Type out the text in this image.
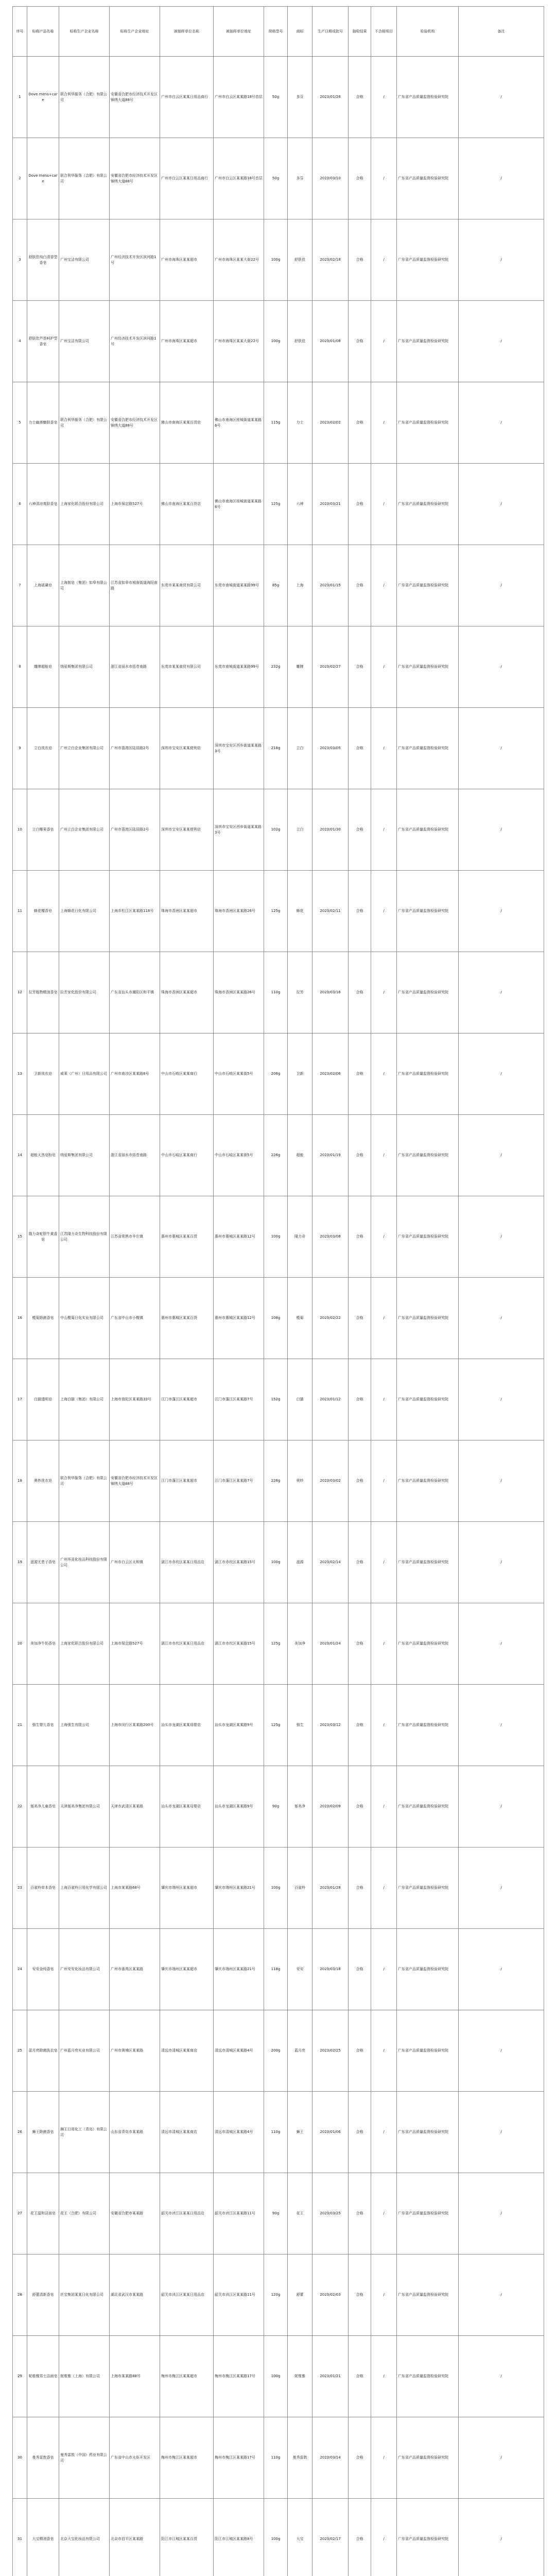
序号	标称产品名称	标称生产企业名称	标称生产企业地址	被抽样单位名称	被抽样单位地址	规格型号	商标	生产日期或批号	抽检结果	不合格项目	检验机构	备注
1	Dove mens+care	联合利华服务（合肥）有限公司	安徽省合肥市经济技术开发区锦绣大道88号	广州市白云区某某日用品商行	广州市白云区某某路18号首层	50g	多芬	2023/01/26	合格	/	广东省产品质量监督检验研究院	/
2	Dove mens+care	联合利华服务（合肥）有限公司	安徽省合肥市经济技术开发区锦绣大道88号	广州市白云区某某日用品商行	广州市白云区某某路18号首层	50g	多芬	2023/03/10	合格	/	广东省产品质量监督检验研究院	/
3	舒肤佳纯白清香型香皂	广州宝洁有限公司	广州经济技术开发区滨河路1号	广州市海珠区某某超市	广州市海珠区某某大街22号	100g	舒肤佳	2023/02/18	合格	/	广东省产品质量监督检验研究院	/
4	舒肤佳芦荟呵护型香皂	广州宝洁有限公司	广州经济技术开发区滨河路1号	广州市海珠区某某超市	广州市海珠区某某大街22号	100g	舒肤佳	2023/01/08	合格	/	广东省产品质量监督检验研究院	/
5	力士幽莲魅肤香皂	联合利华服务（合肥）有限公司	安徽省合肥市经济技术开发区锦绣大道88号	佛山市南海区某某百货店	佛山市南海区桂城街道某某路6号	115g	力士	2023/02/02	合格	/	广东省产品质量监督检验研究院	/
6	六神清凉爽肤香皂	上海家化联合股份有限公司	上海市保定路527号	佛山市南海区某某百货店	佛山市南海区桂城街道某某路6号	125g	六神	2023/03/21	合格	/	广东省产品质量监督检验研究院	/
7	上海硫磺皂	上海制皂（集团）如皋有限公司	江苏省如皋市城南街道海阳南路	东莞市某某商贸有限公司	东莞市南城街道某某路99号	85g	上海	2023/01/15	合格	/	广东省产品质量监督检验研究院	/
8	雕牌超能皂	纳爱斯集团有限公司	浙江省丽水市括苍南路	东莞市某某商贸有限公司	东莞市南城街道某某路99号	232g	雕牌	2023/02/27	合格	/	广东省产品质量监督检验研究院	/
9	立白洗衣皂	广州立白企业集团有限公司	广州市荔湾区陆居路2号	深圳市宝安区某某便利店	深圳市宝安区西乡街道某某路3号	218g	立白	2023/03/05	合格	/	广东省产品质量监督检验研究院	/
10	立白椰果香皂	广州立白企业集团有限公司	广州市荔湾区陆居路2号	深圳市宝安区某某便利店	深圳市宝安区西乡街道某某路3号	102g	立白	2023/01/30	合格	/	广东省产品质量监督检验研究院	/
11	蜂花檀香皂	上海蜂花日化有限公司	上海市松江区某某路118号	珠海市香洲区某某超市	珠海市香洲区某某路26号	125g	蜂花	2023/02/11	合格	/	广东省产品质量监督检验研究院	/
12	拉芳植物精油香皂	拉芳家化股份有限公司	广东省汕头市潮阳区和平镇	珠海市香洲区某某超市	珠海市香洲区某某路26号	110g	拉芳	2023/03/16	合格	/	广东省产品质量监督检验研究院	/
13	卫新洗衣皂	威莱（广州）日用品有限公司	广州市南沙区某某路8号	中山市石岐区某某商行	中山市石岐区某某街5号	206g	卫新	2023/02/06	合格	/	广东省产品质量监督检验研究院	/
14	超能天然皂粉皂	纳爱斯集团有限公司	浙江省丽水市括苍南路	中山市石岐区某某商行	中山市石岐区某某街5号	226g	超能	2023/01/19	合格	/	广东省产品质量监督检验研究院	/
15	隆力奇蛇胆牛黄香皂	江苏隆力奇生物科技股份有限公司	江苏省常熟市辛庄镇	惠州市惠城区某某百货	惠州市惠城区某某路12号	100g	隆力奇	2023/03/08	合格	/	广东省产品质量监督检验研究院	/
16	榄菊除菌香皂	中山榄菊日化实业有限公司	广东省中山市小榄镇	惠州市惠城区某某百货	惠州市惠城区某某路12号	108g	榄菊	2023/02/22	合格	/	广东省产品质量监督检验研究院	/
17	白猫透明皂	上海白猫（集团）有限公司	上海市普陀区某某路33号	江门市蓬江区某某超市	江门市蓬江区某某路7号	152g	白猫	2023/01/12	合格	/	广东省产品质量监督检验研究院	/
18	奥妙洗衣皂	联合利华服务（合肥）有限公司	安徽省合肥市经济技术开发区锦绣大道88号	江门市蓬江区某某超市	江门市蓬江区某某路7号	226g	奥妙	2023/03/02	合格	/	广东省产品质量监督检验研究院	/
19	滋源无患子香皂	广州环亚化妆品科技股份有限公司	广州市白云区太和镇	湛江市赤坎区某某日用品店	湛江市赤坎区某某路15号	100g	滋源	2023/02/14	合格	/	广东省产品质量监督检验研究院	/
20	美加净牛奶香皂	上海家化联合股份有限公司	上海市保定路527号	湛江市赤坎区某某日用品店	湛江市赤坎区某某路15号	125g	美加净	2023/01/24	合格	/	广东省产品质量监督检验研究院	/
21	强生婴儿香皂	上海强生有限公司	上海市闵行区某某路200号	汕头市龙湖区某某母婴店	汕头市龙湖区某某路9号	125g	强生	2023/03/12	合格	/	广东省产品质量监督检验研究院	/
22	郁美净儿童香皂	天津郁美净集团有限公司	天津市武清区某某路	汕头市龙湖区某某母婴店	汕头市龙湖区某某路9号	90g	郁美净	2023/02/09	合格	/	广东省产品质量监督检验研究院	/
23	百雀羚草本香皂	上海百雀羚日用化学有限公司	上海市某某路68号	肇庆市端州区某某超市	肇庆市端州区某某路21号	100g	百雀羚	2023/01/28	合格	/	广东省产品质量监督检验研究院	/
24	安安金纯香皂	广州安安化妆品有限公司	广州市番禺区某某路	肇庆市端州区某某超市	肇庆市端州区某某路21号	118g	安安	2023/03/18	合格	/	广东省产品质量监督检验研究院	/
25	蓝月亮除菌洗衣皂	广州蓝月亮实业有限公司	广州市黄埔区某某路	清远市清城区某某商店	清远市清城区某某路4号	200g	蓝月亮	2023/02/25	合格	/	广东省产品质量监督检验研究院	/
26	狮王除菌香皂	狮王日用化工（青岛）有限公司	山东省青岛市某某路	清远市清城区某某商店	清远市清城区某某路4号	110g	狮王	2023/01/06	合格	/	广东省产品质量监督检验研究院	/
27	花王温和洁面皂	花王（合肥）有限公司	安徽省合肥市某某路	韶关市浈江区某某日用品店	韶关市浈江区某某路11号	90g	花王	2023/03/25	合格	/	广东省产品质量监督检验研究院	/
28	舒蕾清新香皂	丝宝集团某某日化有限公司	湖北省武汉市某某路	韶关市浈江区某某日用品店	韶关市浈江区某某路11号	120g	舒蕾	2023/02/03	合格	/	广东省产品质量监督检验研究院	/
29	妮维雅男士洁面皂	妮维雅（上海）有限公司	上海市某某路88号	梅州市梅江区某某超市	梅州市梅江区某某路17号	100g	妮维雅	2023/01/21	合格	/	广东省产品质量监督检验研究院	/
30	曼秀雷敦香皂	曼秀雷敦（中国）药业有限公司	广东省中山市火炬开发区	梅州市梅江区某某超市	梅州市梅江区某某路17号	110g	曼秀雷敦	2023/03/14	合格	/	广东省产品质量监督检验研究院	/
31	大宝精油香皂	北京大宝化妆品有限公司	北京市昌平区某某路	阳江市江城区某某百货	阳江市江城区某某路8号	100g	大宝	2023/02/17	合格	/	广东省产品质量监督检验研究院	/
